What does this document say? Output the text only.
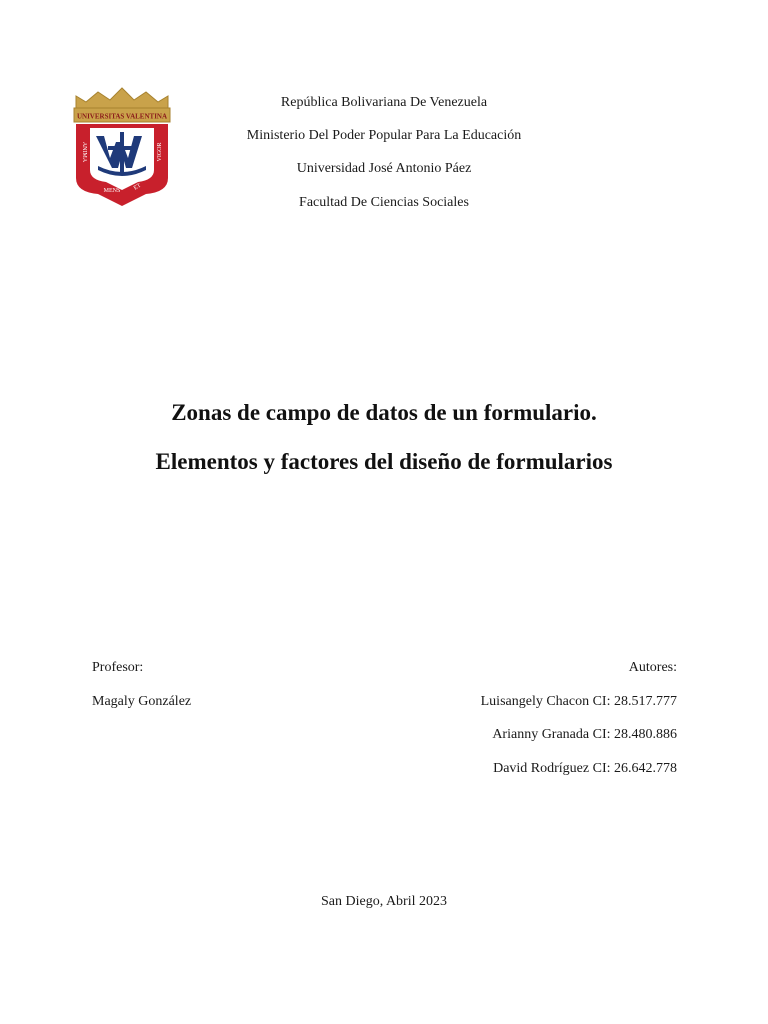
UNIVERSITAS VALENTINA
ANIMA	VIGOR
MENS ET
República Bolivariana De Venezuela
Ministerio Del Poder Popular Para La Educación
Universidad José Antonio Páez
Facultad De Ciencias Sociales
Zonas de campo de datos de un formulario.
Elementos y factores del diseño de formularios
Profesor:
Magaly González
Autores:
Luisangely Chacon CI: 28.517.777
Arianny Granada CI: 28.480.886
David Rodríguez CI: 26.642.778
San Diego, Abril 2023
